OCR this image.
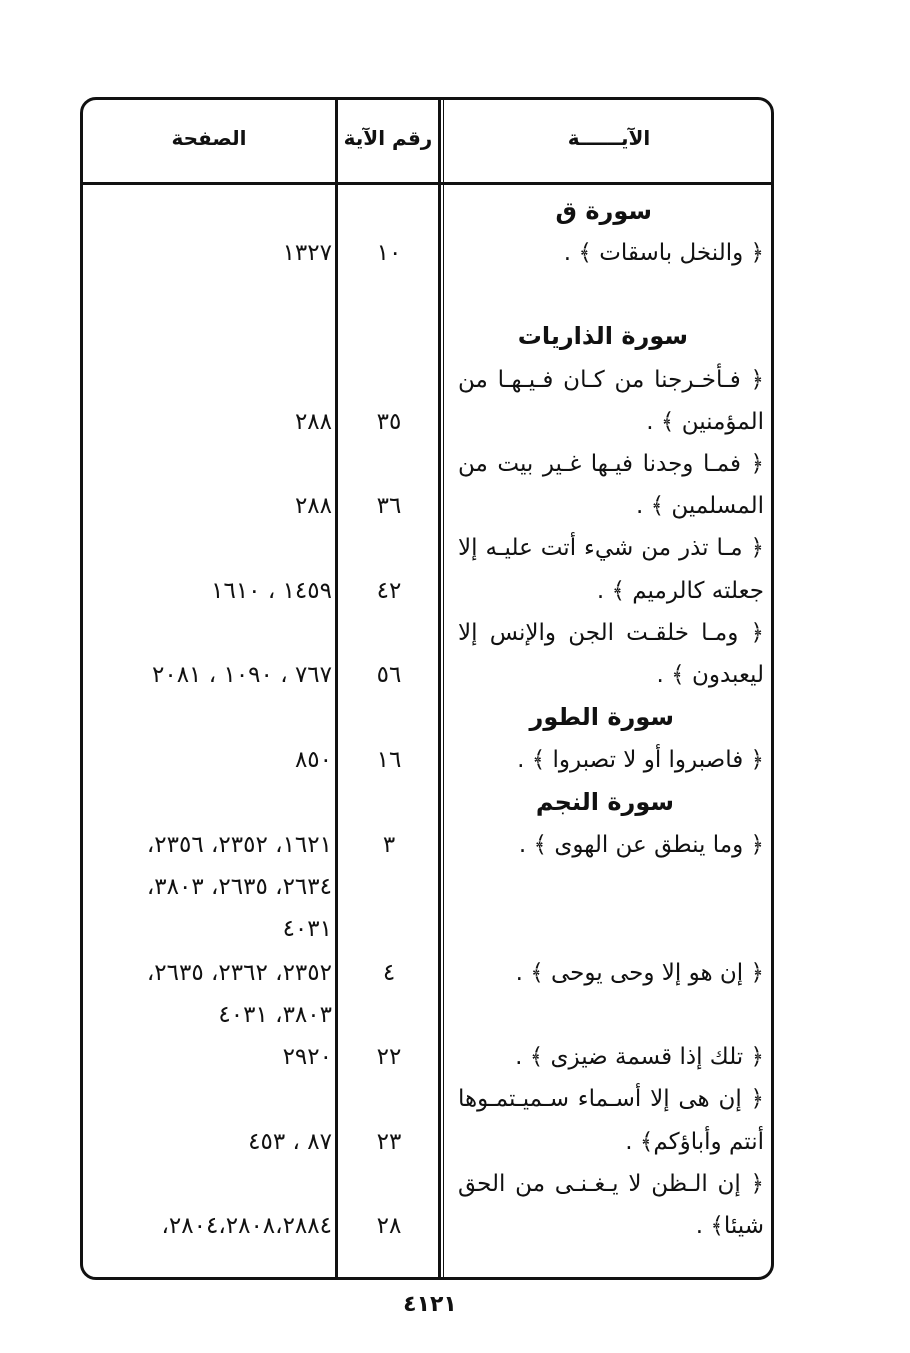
الآيــــــة
رقم الآية
الصفحة
سورة ق
﴿ والنخل باسقات ﴾ .
١٠
١٣٢٧
سورة الذاريات
﴿ فـأخـرجنا من كـان فـيـهـا من
المؤمنين ﴾ .
٣٥
٢٨٨
﴿ فمـا وجدنا فيـها غـير بيت من
المسلمين ﴾ .
٣٦
٢٨٨
﴿ مـا تذر من شيء أتت عليـه إلا
جعلته كالرميم ﴾ .
٤٢
١٤٥٩ ، ١٦١٠
﴿ ومـا خلقـت الجن والإنس إلا
ليعبدون ﴾ .
٥٦
٧٦٧ ، ١٠٩٠ ، ٢٠٨١
سورة الطور
﴿ فاصبروا أو لا تصبروا ﴾ .
١٦
٨٥٠
سورة النجم
﴿ وما ينطق عن الهوى ﴾ .
٣
١٦٢١، ٢٣٥٢، ٢٣٥٦،
٢٦٣٤، ٢٦٣٥، ٣٨٠٣،
٤٠٣١
﴿ إن هو إلا وحى يوحى ﴾ .
٤
٢٣٥٢، ٢٣٦٢، ٢٦٣٥،
٣٨٠٣، ٤٠٣١
﴿ تلك إذا قسمة ضيزى ﴾ .
٢٢
٢٩٢٠
﴿ إن هى إلا أسـماء سـميـتمـوها
أنتم وأباؤكم﴾ .
٢٣
٨٧ ، ٤٥٣
﴿ إن الـظن لا يـغـنـى من الحق
شيئا﴾ .
٢٨
٢٨٠٤،٢٨٠٨،٢٨٨٤،
٤١٢١
